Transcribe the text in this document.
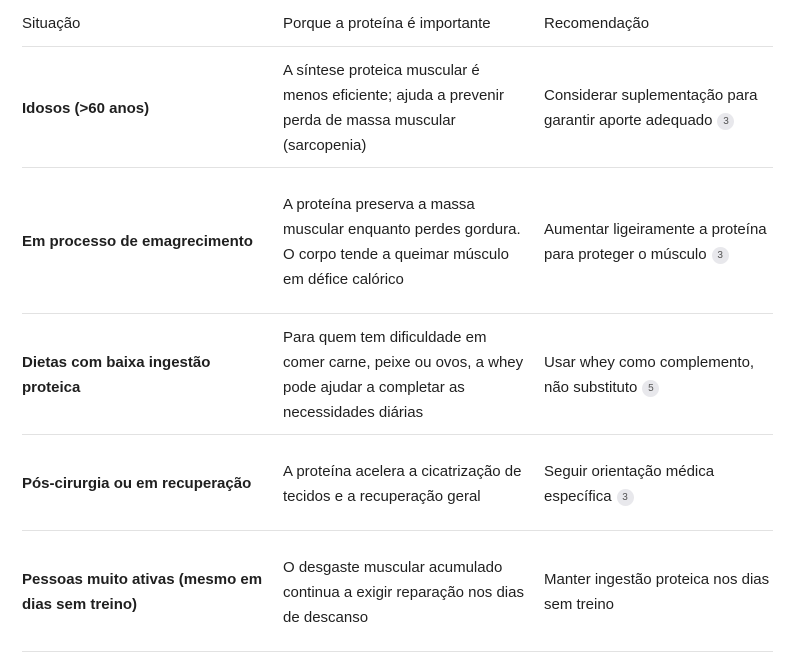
Situação	Porque a proteína é importante	Recomendação
Idosos (>60 anos)	A síntese proteica muscular é menos eficiente; ajuda a prevenir perda de massa muscular (sarcopenia)	Considerar suplementação para garantir aporte adequado 3
Em processo de emagrecimento	A proteína preserva a massa muscular enquanto perdes gordura. O corpo tende a queimar músculo em défice calórico	Aumentar ligeiramente a proteína para proteger o músculo 3
Dietas com baixa ingestão proteica	Para quem tem dificuldade em comer carne, peixe ou ovos, a whey pode ajudar a completar as necessidades diárias	Usar whey como complemento, não substituto 5
Pós-cirurgia ou em recuperação	A proteína acelera a cicatrização de tecidos e a recuperação geral	Seguir orientação médica específica 3
Pessoas muito ativas (mesmo em dias sem treino)	O desgaste muscular acumulado continua a exigir reparação nos dias de descanso	Manter ingestão proteica nos dias sem treino
